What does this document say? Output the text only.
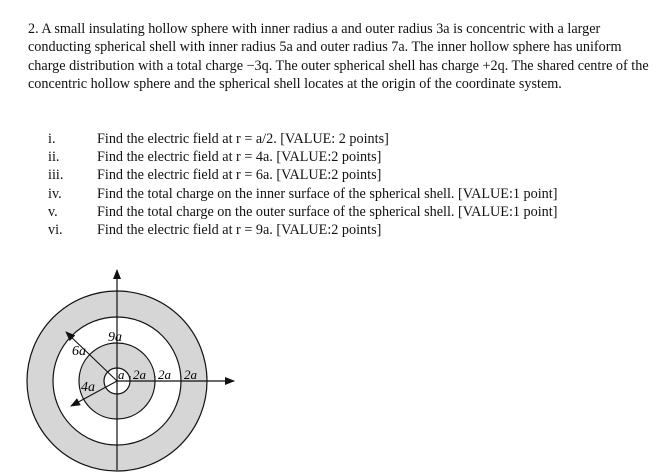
2. A small insulating hollow sphere with inner radius a and outer radius 3a is concentric with a larger conducting spherical shell with inner radius 5a and outer radius 7a. The inner hollow sphere has uniform charge distribution with a total charge −3q. The outer spherical shell has charge +2q. The shared centre of the concentric hollow sphere and the spherical shell locates at the origin of the coordinate system.

i.	Find the electric field at r = a/2. [VALUE: 2 points]
ii.	Find the electric field at r = 4a. [VALUE:2 points]
iii. Find the electric field at r = 6a. [VALUE:2 points]
iv. Find the total charge on the inner surface of the spherical shell. [VALUE:1 point]
v.	Find the total charge on the outer surface of the spherical shell. [VALUE:1 point]
vi. Find the electric field at r = 9a. [VALUE:2 points]
9a
6a
4a
a 2a 2a 2a
